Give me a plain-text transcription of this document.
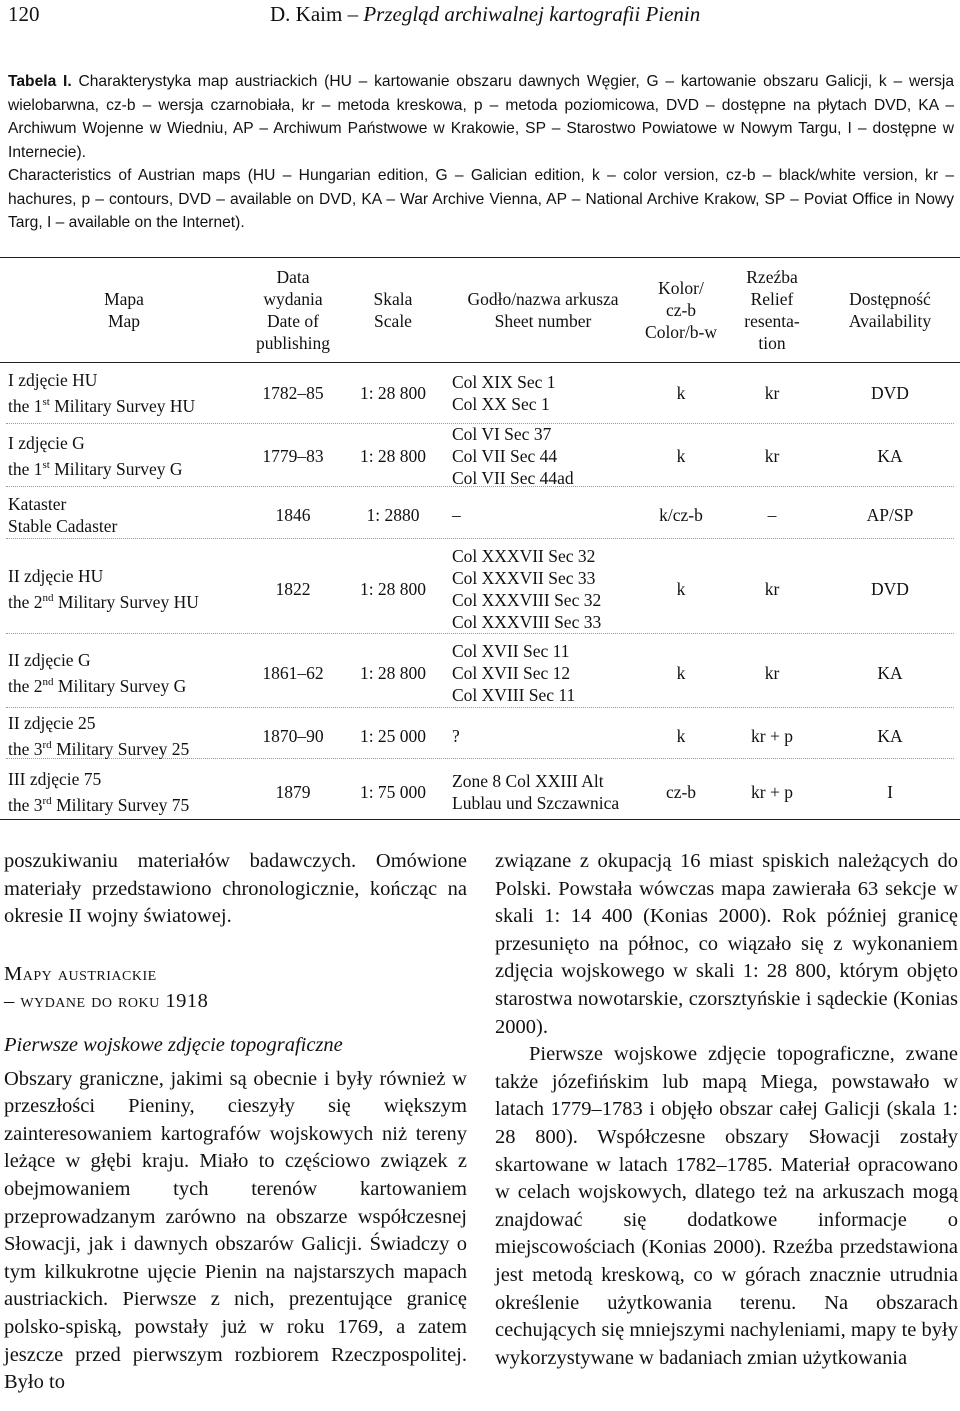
120	D. Kaim – Przegląd archiwalnej kartografii Pienin

Tabela I. Charakterystyka map austriackich (HU – kartowanie obszaru dawnych Węgier, G – kartowanie obszaru Galicji, k – wersja wielobarwna, cz-b – wersja czarnobiała, kr – metoda kreskowa, p – metoda poziomicowa, DVD – dostępne na płytach DVD, KA – Archiwum Wojenne w Wiedniu, AP – Archiwum Państwowe w Krakowie, SP – Starostwo Powiatowe w Nowym Targu, I – dostępne w Internecie).

Characteristics of Austrian maps (HU – Hungarian edition, G – Galician edition, k – color version, cz-b – black/white version, kr – hachures, p – contours, DVD – available on DVD, KA – War Archive Vienna, AP – National Archive Krakow, SP – Poviat Office in Nowy Targ, I – available on the Internet).

Mapa
Map	Data
wydania
Date of
publishing	Skala
Scale	Godło/nazwa arkusza
Sheet number	Kolor/
cz-b
Color/b-w	Rzeźba
Relief
resenta-
tion	Dostępność
Availability

I zdjęcie HU
the 1st Military Survey HU	1782–85	1: 28 800	Col XIX Sec 1
Col XX Sec 1	k	kr	DVD

I zdjęcie G
the 1st Military Survey G	1779–83	1: 28 800	Col VI Sec 37
Col VII Sec 44
Col VII Sec 44ad	k	kr	KA

Kataster
Stable Cadaster	1846	1: 2880	–	k/cz-b	–	AP/SP

II zdjęcie HU
the 2nd Military Survey HU	1822	1: 28 800	Col XXXVII Sec 32
Col XXXVII Sec 33
Col XXXVIII Sec 32
Col XXXVIII Sec 33	k	kr	DVD

II zdjęcie G
the 2nd Military Survey G	1861–62	1: 28 800	Col XVII Sec 11
Col XVII Sec 12
Col XVIII Sec 11	k	kr	KA

II zdjęcie 25
the 3rd Military Survey 25	1870–90	1: 25 000	?	k	kr + p	KA

III zdjęcie 75
the 3rd Military Survey 75	1879	1: 75 000	Zone 8 Col XXIII Alt
Lublau und Szczawnica	cz-b	kr + p	I

poszukiwaniu materiałów badawczych. Omówione materiały przedstawiono chronologicznie, kończąc na okresie II wojny światowej.

Mapy austriackie
– wydane do roku 1918
Pierwsze wojskowe zdjęcie topograficzne

Obszary graniczne, jakimi są obecnie i były również w przeszłości Pieniny, cieszyły się większym zainteresowaniem kartografów wojskowych niż tereny leżące w głębi kraju. Miało to częściowo związek z obejmowaniem tych terenów kartowaniem przeprowadzanym zarówno na obszarze współczesnej Słowacji, jak i dawnych obszarów Galicji. Świadczy o tym kilkukrotne ujęcie Pienin na najstarszych mapach austriackich. Pierwsze z nich, prezentujące granicę polsko-spiską, powstały już w roku 1769, a zatem jeszcze przed pierwszym rozbiorem Rzeczpospolitej. Było to

związane z okupacją 16 miast spiskich należących do Polski. Powstała wówczas mapa zawierała 63 sekcje w skali 1: 14 400 (Konias 2000). Rok później granicę przesunięto na północ, co wiązało się z wykonaniem zdjęcia wojskowego w skali 1: 28 800, którym objęto starostwa nowotarskie, czorsztyńskie i sądeckie (Konias 2000).

Pierwsze wojskowe zdjęcie topograficzne, zwane także józefińskim lub mapą Miega, powstawało w latach 1779–1783 i objęło obszar całej Galicji (skala 1: 28 800). Współczesne obszary Słowacji zostały skartowane w latach 1782–1785. Materiał opracowano w celach wojskowych, dlatego też na arkuszach mogą znajdować się dodatkowe informacje o miejscowościach (Konias 2000). Rzeźba przedstawiona jest metodą kreskową, co w górach znacznie utrudnia określenie użytkowania terenu. Na obszarach cechujących się mniejszymi nachyleniami, mapy te były wykorzystywane w badaniach zmian użytkowania
